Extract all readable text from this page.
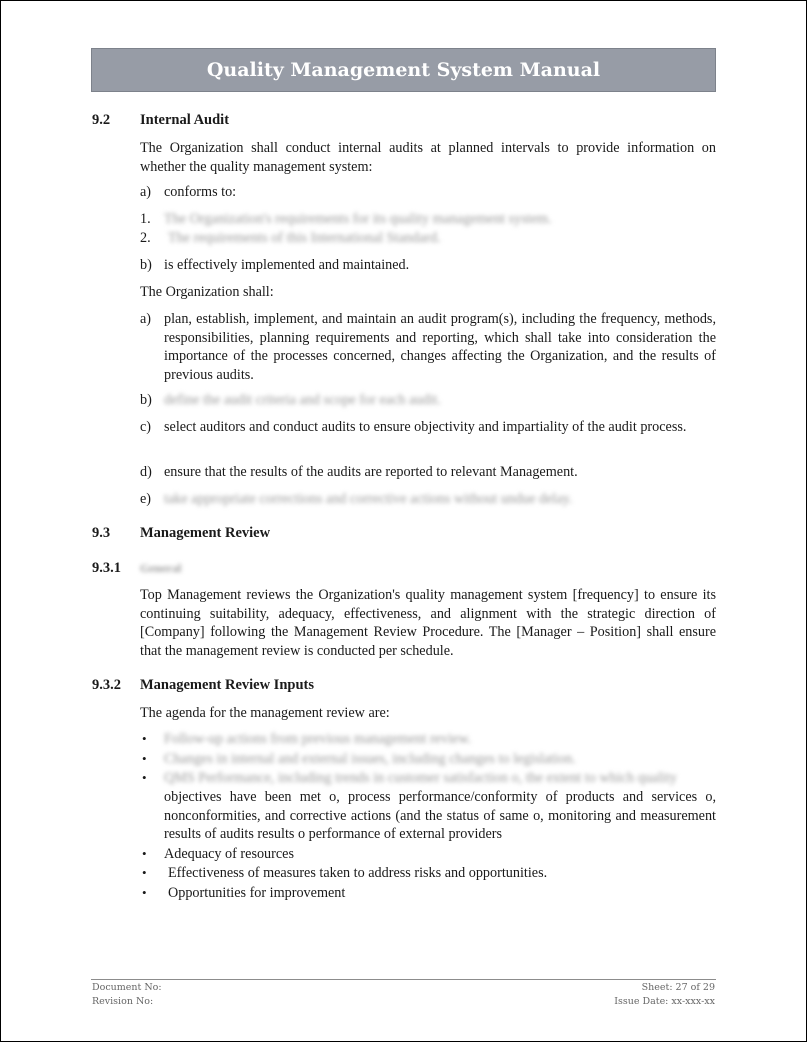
Quality Management System Manual
9.2 Internal Audit
The Organization shall conduct internal audits at planned intervals to provide information on whether the quality management system:
a) conforms to:
1. The Organization's requirements for its quality management system.
2. The requirements of this International Standard.
b) is effectively implemented and maintained.
The Organization shall:
a) plan, establish, implement, and maintain an audit program(s), including the frequency, methods, responsibilities, planning requirements and reporting, which shall take into consideration the importance of the processes concerned, changes affecting the Organization, and the results of previous audits.
b) define the audit criteria and scope for each audit.
c) select auditors and conduct audits to ensure objectivity and impartiality of the audit process.
d) ensure that the results of the audits are reported to relevant Management.
e) take appropriate corrections and corrective actions without undue delay.
9.3 Management Review
9.3.1 General
Top Management reviews the Organization's quality management system [frequency] to ensure its continuing suitability, adequacy, effectiveness, and alignment with the strategic direction of [Company] following the Management Review Procedure. The [Manager – Position] shall ensure that the management review is conducted per schedule.
9.3.2 Management Review Inputs
The agenda for the management review are:
• Follow-up actions from previous management review.
• Changes in internal and external issues, including changes to legislation.
• QMS Performance, including trends in customer satisfaction o, the extent to which quality
objectives have been met o, process performance/conformity of products and services o, nonconformities, and corrective actions (and the status of same o, monitoring and measurement results of audits results o performance of external providers
• Adequacy of resources
• Effectiveness of measures taken to address risks and opportunities.
• Opportunities for improvement
Document No:
Revision No:
Sheet: 27 of 29
Issue Date: xx-xxx-xx
